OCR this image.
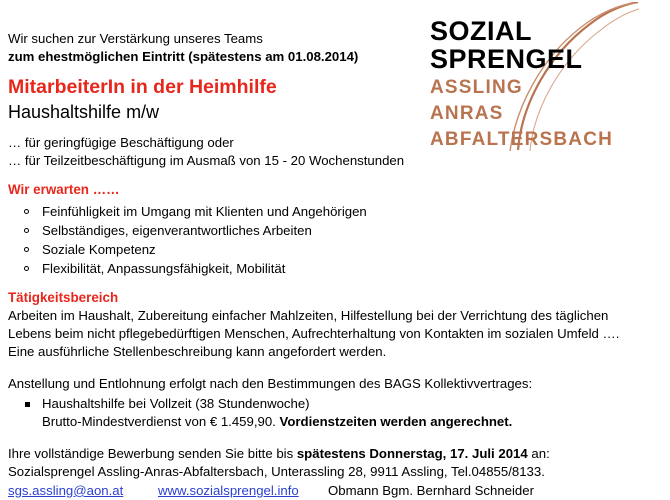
SOZIAL
SPRENGEL
ASSLING
ANRAS
ABFALTERSBACH

Wir suchen zur Verstärkung unseres Teams

zum ehestmöglichen Eintritt (spätestens am 01.08.2014)

MitarbeiterIn in der Heimhilfe

Haushaltshilfe m/w

… für geringfügige Beschäftigung oder

… für Teilzeitbeschäftigung im Ausmaß von 15 - 20 Wochenstunden

Wir erwarten ……

Feinfühligkeit im Umgang mit Klienten und Angehörigen
Selbständiges, eigenverantwortliches Arbeiten
Soziale Kompetenz
Flexibilität, Anpassungsfähigkeit, Mobilität

Tätigkeitsbereich

Arbeiten im Haushalt, Zubereitung einfacher Mahlzeiten, Hilfestellung bei der Verrichtung des täglichen

Lebens beim nicht pflegebedürftigen Menschen, Aufrechterhaltung von Kontakten im sozialen Umfeld ….

Eine ausführliche Stellenbeschreibung kann angefordert werden.

Anstellung und Entlohnung erfolgt nach den Bestimmungen des BAGS Kollektivvertrages:

Haushaltshilfe bei Vollzeit (38 Stundenwoche)

Brutto-Mindestverdienst von € 1.459,90. Vordienstzeiten werden angerechnet.

Ihre vollständige Bewerbung senden Sie bitte bis spätestens Donnerstag, 17. Juli 2014 an:

Sozialsprengel Assling-Anras-Abfaltersbach, Unterassling 28, 9911 Assling, Tel.04855/8133.

sgs.assling@aon.at	www.sozialsprengel.info Obmann Bgm. Bernhard Schneider
